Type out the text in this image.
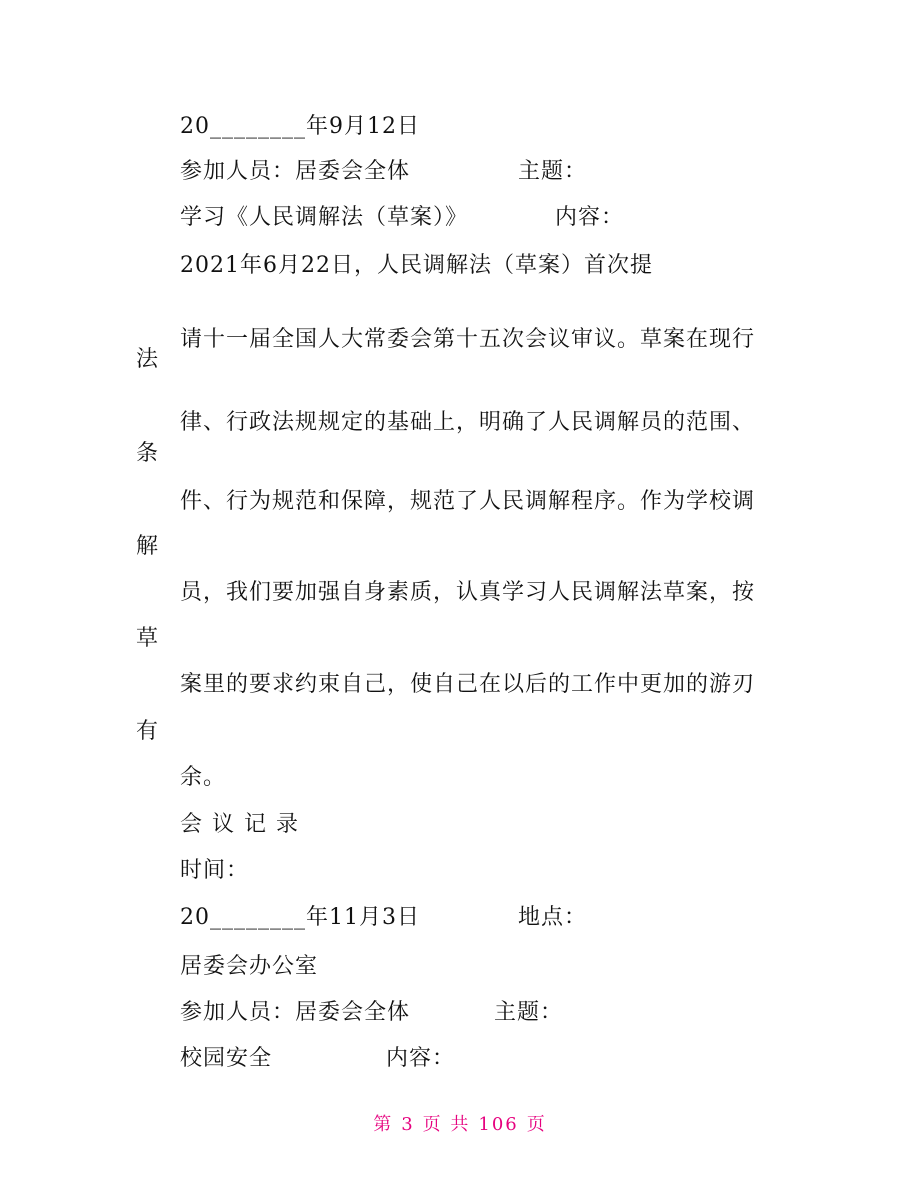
20________年9月12日
参加人员：居委会全体	主题：
学习《人民调解法（草案）》	内容：
2021年6月22日，人民调解法（草案）首次提
请十一届全国人大常委会第十五次会议审议。草案在现行
法
律、行政法规规定的基础上，明确了人民调解员的范围、
条
件、行为规范和保障，规范了人民调解程序。作为学校调
解
员，我们要加强自身素质，认真学习人民调解法草案，按
草
案里的要求约束自己，使自己在以后的工作中更加的游刃
有
余。
会议记录
时间：
20________年11月3日	地点：
居委会办公室
参加人员：居委会全体	主题：
校园安全	内容：
第 3 页 共 106 页
